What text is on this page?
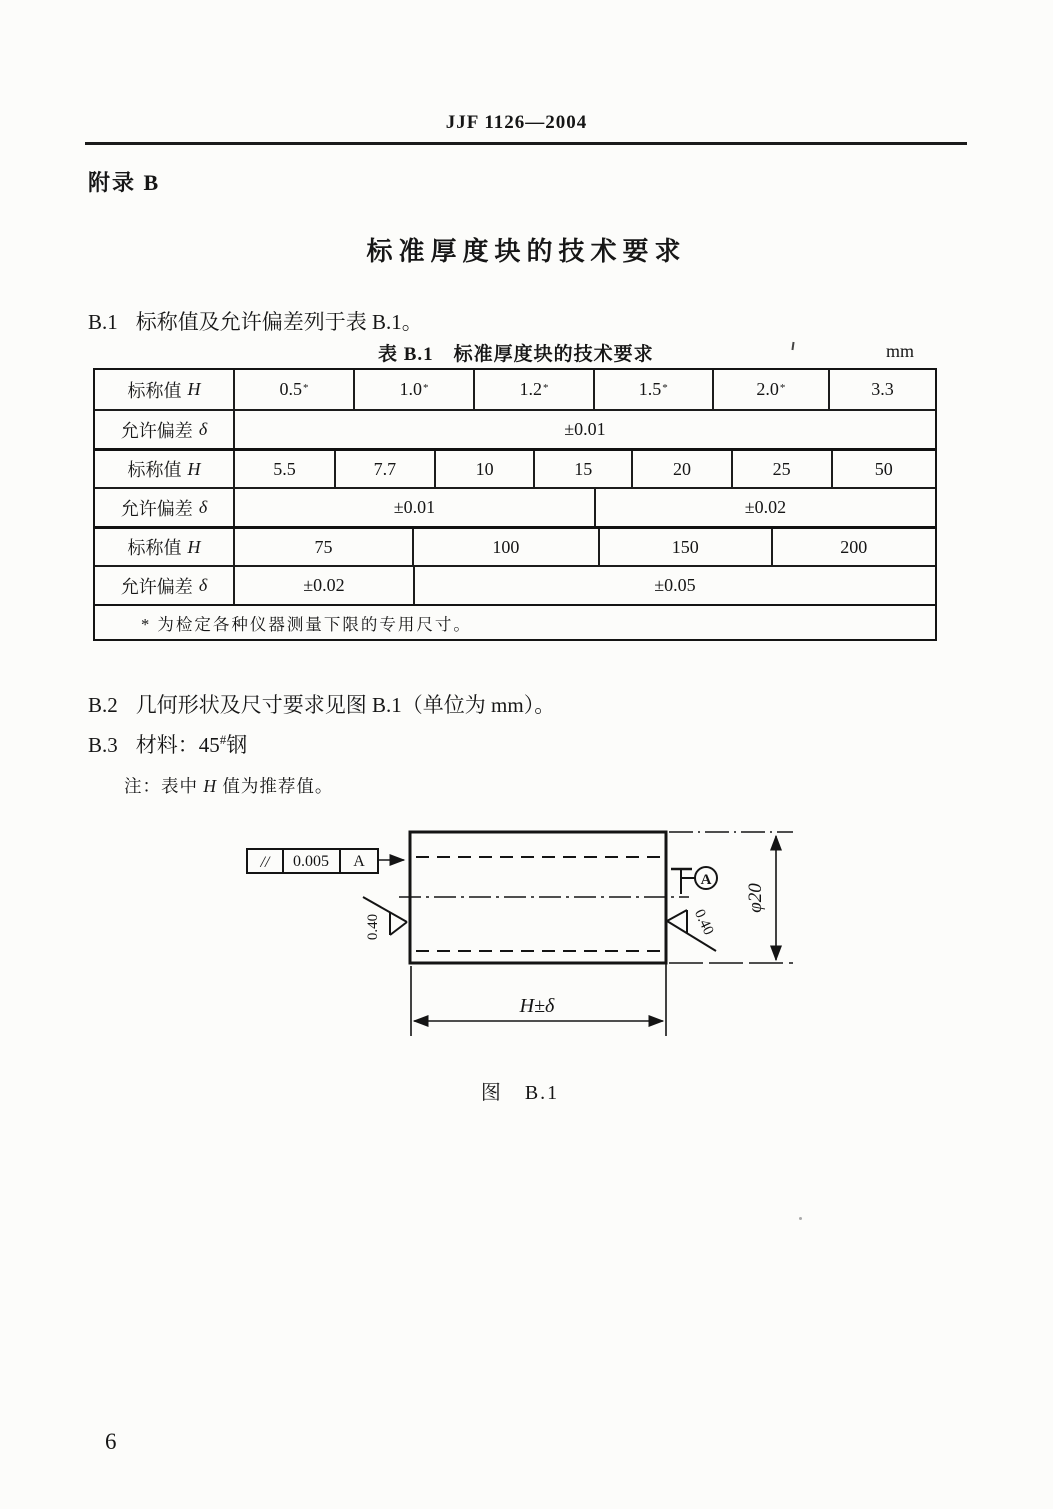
JJF 1126—2004
附录 B
标准厚度块的技术要求
B.1 标称值及允许偏差列于表 B.1。
表 B.1　标准厚度块的技术要求	mm
标称值 H	0.5 *	1.0 *	1.2 *	1.5 *	2.0 *	3.3
允许偏差 δ	±0.01
标称值 H	5.5	7.7	10	15	20	25	50
允许偏差 δ	±0.01	±0.02
标称值 H	75	100	150	200
允许偏差 δ	±0.02	±0.05
* 为检定各种仪器测量下限的专用尺寸。
B.2 几何形状及尺寸要求见图 B.1（单位为 mm）。
B.3 材料：45#钢
注：表中 H 值为推荐值。
// 0.005 A
A
0.40	0.40
φ20
H±δ
图　B.1
6
